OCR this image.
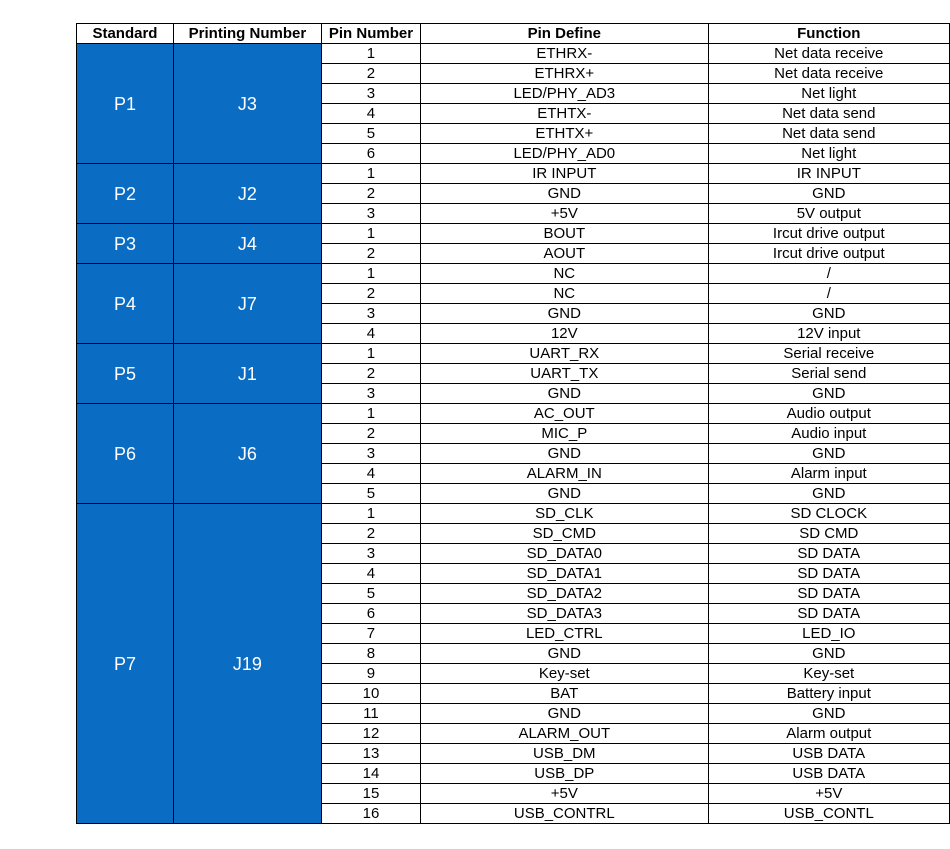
Standard	Printing Number	Pin Number	Pin Define	Function
P1	J3	1	ETHRX-	Net data receive
		2	ETHRX+	Net data receive
		3	LED/PHY_AD3	Net light
		4	ETHTX-	Net data send
		5	ETHTX+	Net data send
		6	LED/PHY_AD0	Net light
P2	J2	1	IR INPUT	IR INPUT
		2	GND	GND
		3	+5V	5V output
P3	J4	1	BOUT	Ircut drive output
		2	AOUT	Ircut drive output
P4	J7	1	NC	/
		2	NC	/
		3	GND	GND
		4	12V	12V input
P5	J1	1	UART_RX	Serial receive
		2	UART_TX	Serial send
		3	GND	GND
P6	J6	1	AC_OUT	Audio output
		2	MIC_P	Audio input
		3	GND	GND
		4	ALARM_IN	Alarm input
		5	GND	GND
P7	J19	1	SD_CLK	SD CLOCK
		2	SD_CMD	SD CMD
		3	SD_DATA0	SD DATA
		4	SD_DATA1	SD DATA
		5	SD_DATA2	SD DATA
		6	SD_DATA3	SD DATA
		7	LED_CTRL	LED_IO
		8	GND	GND
		9	Key-set	Key-set
		10	BAT	Battery input
		11	GND	GND
		12	ALARM_OUT	Alarm output
		13	USB_DM	USB DATA
		14	USB_DP	USB DATA
		15	+5V	+5V
		16	USB_CONTRL	USB_CONTL
